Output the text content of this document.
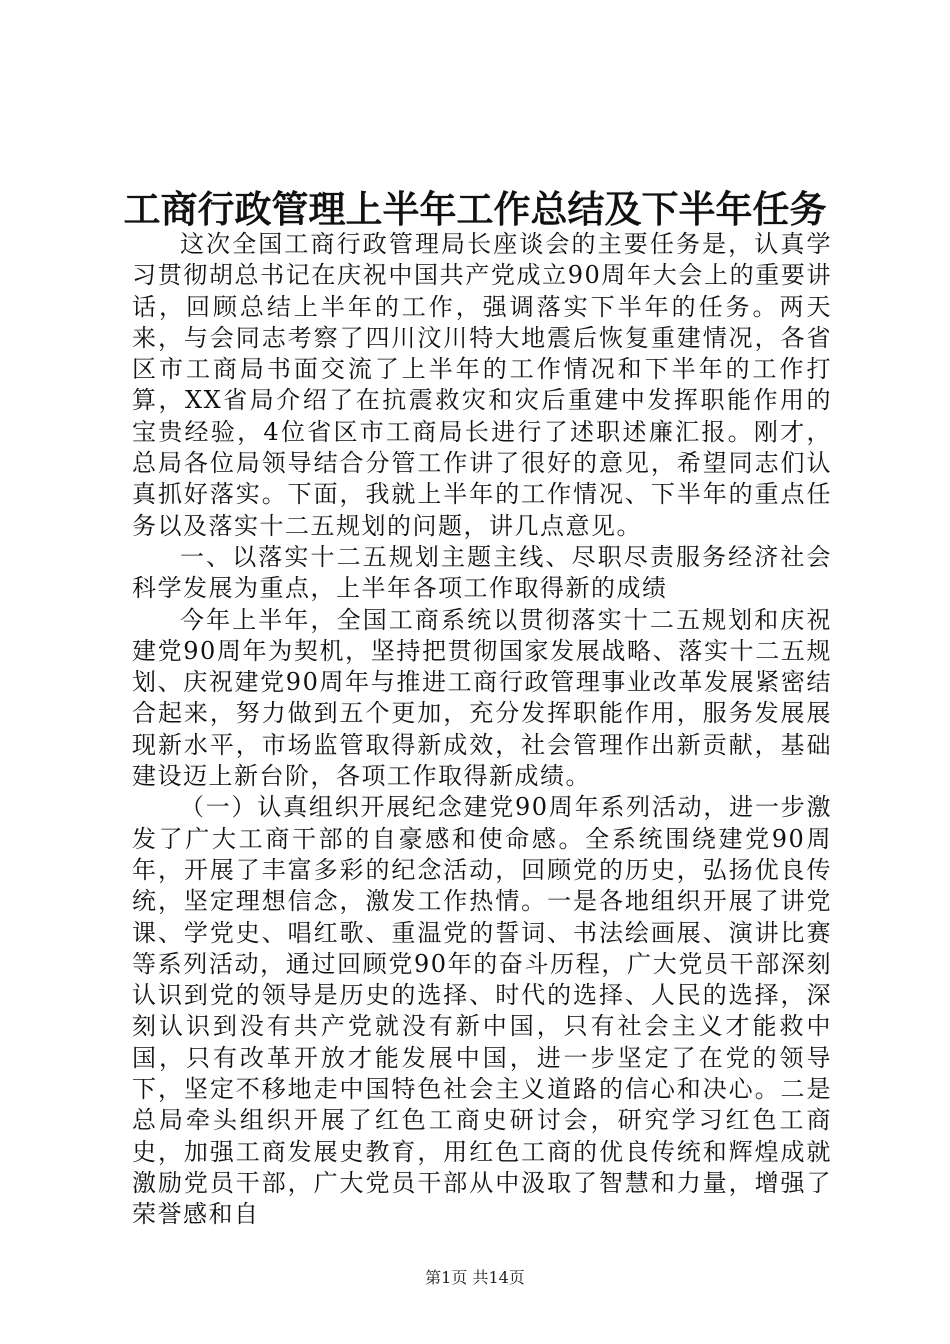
工商行政管理上半年工作总结及下半年任务

这次全国工商行政管理局长座谈会的主要任务是，认真学习贯彻胡总书记在庆祝中国共产党成立90周年大会上的重要讲话，回顾总结上半年的工作，强调落实下半年的任务。两天来，与会同志考察了四川汶川特大地震后恢复重建情况，各省区市工商局书面交流了上半年的工作情况和下半年的工作打算，XX省局介绍了在抗震救灾和灾后重建中发挥职能作用的宝贵经验，4位省区市工商局长进行了述职述廉汇报。刚才，总局各位局领导结合分管工作讲了很好的意见，希望同志们认真抓好落实。下面，我就上半年的工作情况、下半年的重点任务以及落实十二五规划的问题，讲几点意见。

一、以落实十二五规划主题主线、尽职尽责服务经济社会科学发展为重点，上半年各项工作取得新的成绩

今年上半年，全国工商系统以贯彻落实十二五规划和庆祝建党90周年为契机，坚持把贯彻国家发展战略、落实十二五规划、庆祝建党90周年与推进工商行政管理事业改革发展紧密结合起来，努力做到五个更加，充分发挥职能作用，服务发展展现新水平，市场监管取得新成效，社会管理作出新贡献，基础建设迈上新台阶，各项工作取得新成绩。

（一）认真组织开展纪念建党90周年系列活动，进一步激发了广大工商干部的自豪感和使命感。全系统围绕建党90周年，开展了丰富多彩的纪念活动，回顾党的历史，弘扬优良传统，坚定理想信念，激发工作热情。一是各地组织开展了讲党课、学党史、唱红歌、重温党的誓词、书法绘画展、演讲比赛等系列活动，通过回顾党90年的奋斗历程，广大党员干部深刻认识到党的领导是历史的选择、时代的选择、人民的选择，深刻认识到没有共产党就没有新中国，只有社会主义才能救中国，只有改革开放才能发展中国，进一步坚定了在党的领导下，坚定不移地走中国特色社会主义道路的信心和决心。二是总局牵头组织开展了红色工商史研讨会，研究学习红色工商史，加强工商发展史教育，用红色工商的优良传统和辉煌成就激励党员干部，广大党员干部从中汲取了智慧和力量，增强了荣誉感和自

第1页 共14页
